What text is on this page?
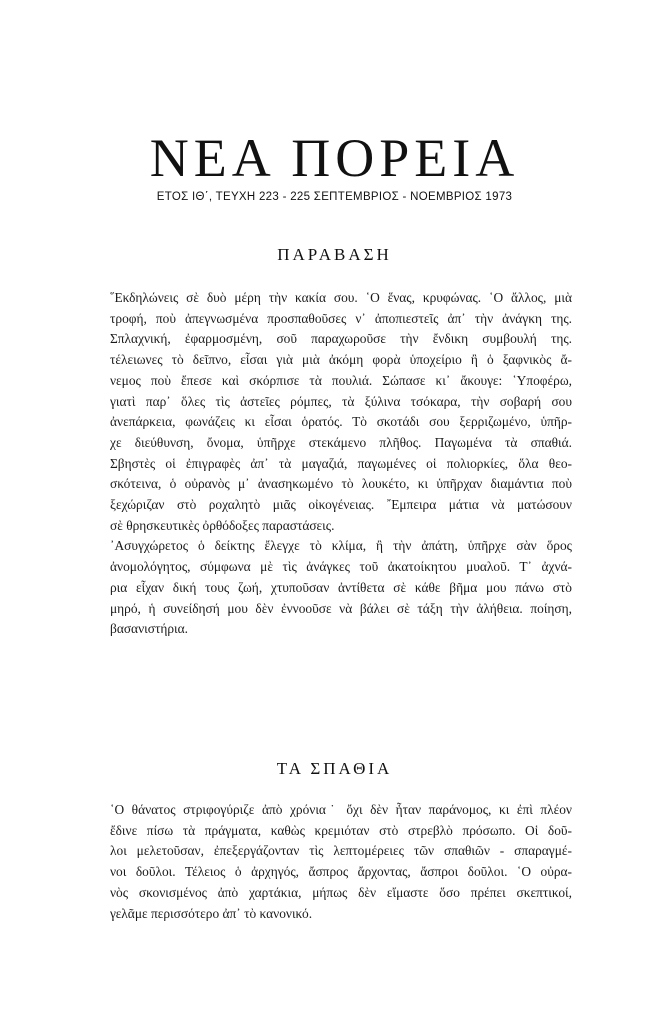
ΝΕΑ ΠΟΡΕΙΑ
ΕΤΟΣ ΙΘ΄, ΤΕΥΧΗ 223 - 225 ΣΕΠΤΕΜΒΡΙΟΣ - ΝΟΕΜΒΡΙΟΣ 1973
ΠΑΡΑΒΑΣΗ
῞Εκδηλώνεις σὲ δυὸ μέρη τὴν κακία σου. ῾Ο ἕνας, κρυφώνας. ῾Ο ἄλλος, μιὰ
τροφή, ποὺ ἀπεγνωσμένα προσπαθοῦσες ν᾽ ἀποπιεστεῖς ἀπ᾽ τὴν ἀνάγκη της.
Σπλαχνική, ἐφαρμοσμένη, σοῦ παραχωροῦσε τὴν ἔνδικη συμβουλή της.
τέλειωνες τὸ δεῖπνο, εἶσαι γιὰ μιὰ ἀκόμη φορὰ ὑποχείριο ἢ ὁ ξαφνικὸς ἄ-
νεμος ποὺ ἔπεσε καὶ σκόρπισε τὰ πουλιά. Σώπασε κι᾽ ἄκουγε: ῾Υποφέρω,
γιατὶ παρ᾽ ὅλες τὶς ἀστεῖες ρόμπες, τὰ ξύλινα τσόκαρα, τὴν σοβαρή σου
ἀνεπάρκεια, φωνάζεις κι εἶσαι ὁρατός. Τὸ σκοτάδι σου ξερριζωμένο, ὑπῆρ-
χε διεύθυνση, ὄνομα, ὑπῆρχε στεκάμενο πλῆθος. Παγωμένα τὰ σπαθιά.
Σβηστὲς οἱ ἐπιγραφὲς ἀπ᾽ τὰ μαγαζιά, παγωμένες οἱ πολιορκίες, ὅλα θεο-
σκότεινα, ὁ οὐρανὸς μ᾽ ἀνασηκωμένο τὸ λουκέτο, κι ὑπῆρχαν διαμάντια ποὺ
ξεχώριζαν στὸ ροχαλητὸ μιᾶς οἰκογένειας. ῎Εμπειρα μάτια νὰ ματώσουν
σὲ θρησκευτικὲς ὀρθόδοξες παραστάσεις.
᾽Ασυγχώρετος ὁ δείκτης ἔλεγχε τὸ κλίμα, ἢ τὴν ἀπάτη, ὑπῆρχε σὰν ὅρος
ἀνομολόγητος, σύμφωνα μὲ τὶς ἀνάγκες τοῦ ἀκατοίκητου μυαλοῦ. Τ᾽ ἀχνά-
ρια εἶχαν δική τους ζωή, χτυποῦσαν ἀντίθετα σὲ κάθε βῆμα μου πάνω στὸ
μηρό, ἡ συνείδησή μου δὲν ἐννοοῦσε νὰ βάλει σὲ τάξη τὴν ἀλήθεια. ποίηση,
βασανιστήρια.
ΤΑ ΣΠΑΘΙΑ
῾Ο θάνατος στριφογύριζε ἀπὸ χρόνια˙ ὄχι δὲν ἦταν παράνομος, κι ἐπὶ πλέον
ἔδινε πίσω τὰ πράγματα, καθὼς κρεμιόταν στὸ στρεβλὸ πρόσωπο. Οἱ δοῦ-
λοι μελετοῦσαν, ἐπεξεργάζονταν τὶς λεπτομέρειες τῶν σπαθιῶν - σπαραγμέ-
νοι δοῦλοι. Τέλειος ὁ ἀρχηγός, ἄσπρος ἄρχοντας, ἄσπροι δοῦλοι. ῾Ο οὐρα-
νὸς σκονισμένος ἀπὸ χαρτάκια, μήπως δὲν εἴμαστε ὅσο πρέπει σκεπτικοί,
γελᾶμε περισσότερο ἀπ᾽ τὸ κανονικό.
